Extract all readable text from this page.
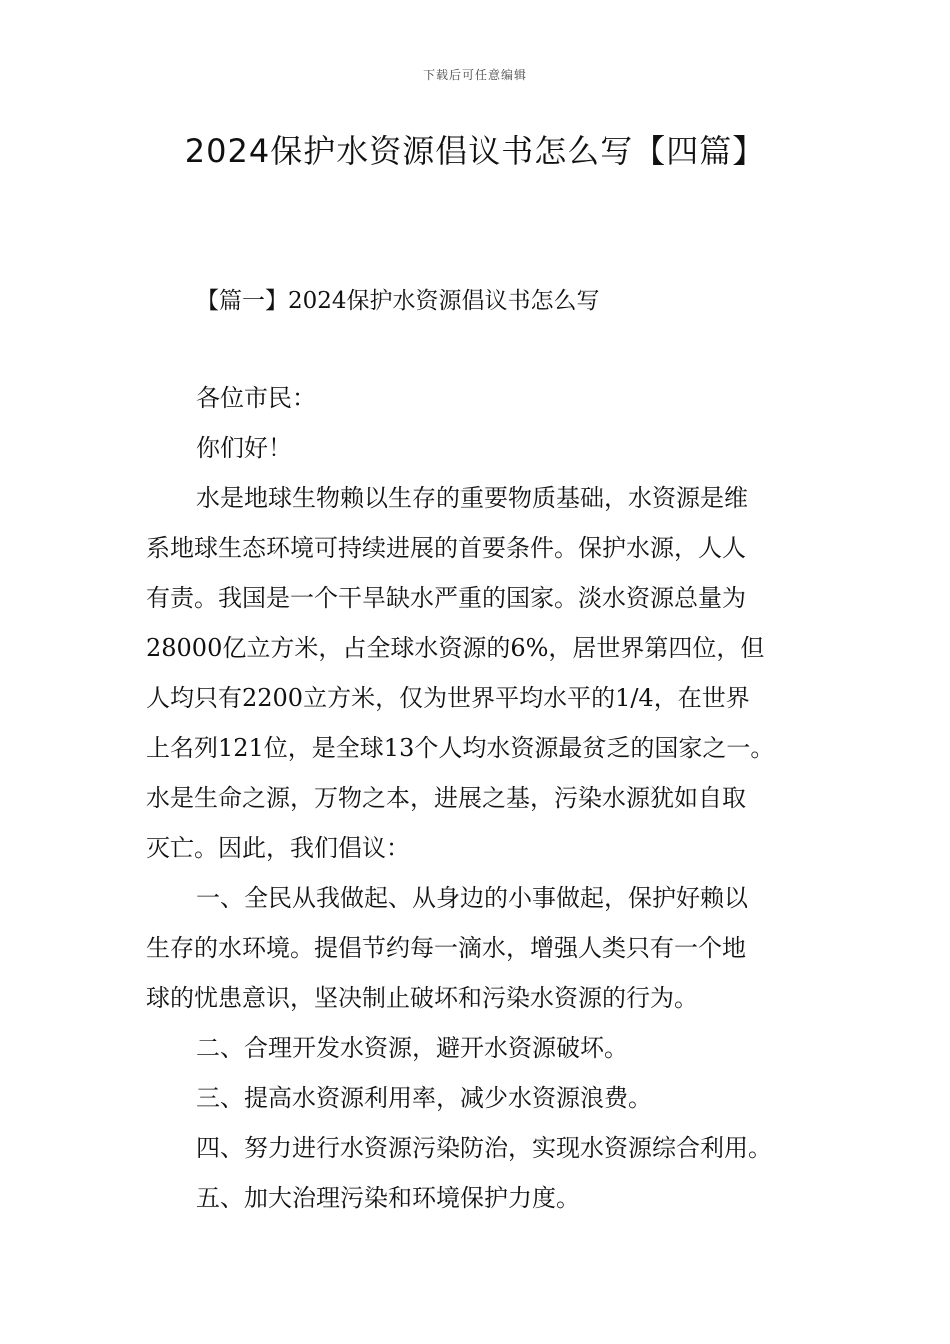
下载后可任意编辑
2024保护水资源倡议书怎么写【四篇】
【篇一】2024保护水资源倡议书怎么写

各位市民：

你们好！

水是地球生物赖以生存的重要物质基础，水资源是维

系地球生态环境可持续进展的首要条件。保护水源，人人

有责。我国是一个干旱缺水严重的国家。淡水资源总量为

28000亿立方米，占全球水资源的6%，居世界第四位，但

人均只有2200立方米，仅为世界平均水平的1/4，在世界

上名列121位，是全球13个人均水资源最贫乏的国家之一。

水是生命之源，万物之本，进展之基，污染水源犹如自取

灭亡。因此，我们倡议：

一、全民从我做起、从身边的小事做起，保护好赖以

生存的水环境。提倡节约每一滴水，增强人类只有一个地

球的忧患意识，坚决制止破坏和污染水资源的行为。

二、合理开发水资源，避开水资源破坏。

三、提高水资源利用率，减少水资源浪费。

四、努力进行水资源污染防治，实现水资源综合利用。

五、加大治理污染和环境保护力度。
